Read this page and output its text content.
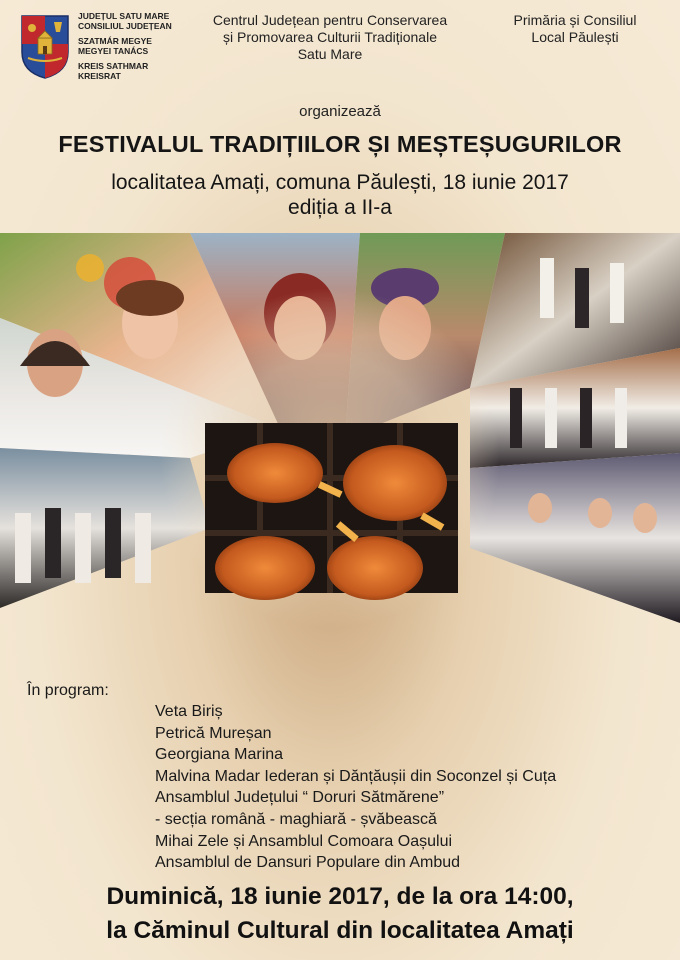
JUDEȚUL SATU MARE
CONSILIUL JUDEȚEAN
SZATMÁR MEGYE
MEGYEI TANÁCS
KREIS SATHMAR
KREISRAT
Centrul Județean pentru Conservarea
și Promovarea Culturii Tradiționale
Satu Mare
Primăria și Consiliul
Local Păulești
organizează
FESTIVALUL TRADIȚIILOR ȘI MEȘTEȘUGURILOR
localitatea Amați, comuna Păulești, 18 iunie 2017
ediția a II-a
În program:
Veta Biriș
Petrică Mureșan
Georgiana Marina
Malvina Madar Iederan și Dănțăușii din Soconzel și Cuța
Ansamblul Județului “ Doruri Sătmărene”
- secția română - maghiară - șvăbească
Mihai Zele și Ansamblul Comoara Oașului
Ansamblul de Dansuri Populare din Ambud
Duminică, 18 iunie 2017, de la ora 14:00,
la Căminul Cultural din localitatea Amați
